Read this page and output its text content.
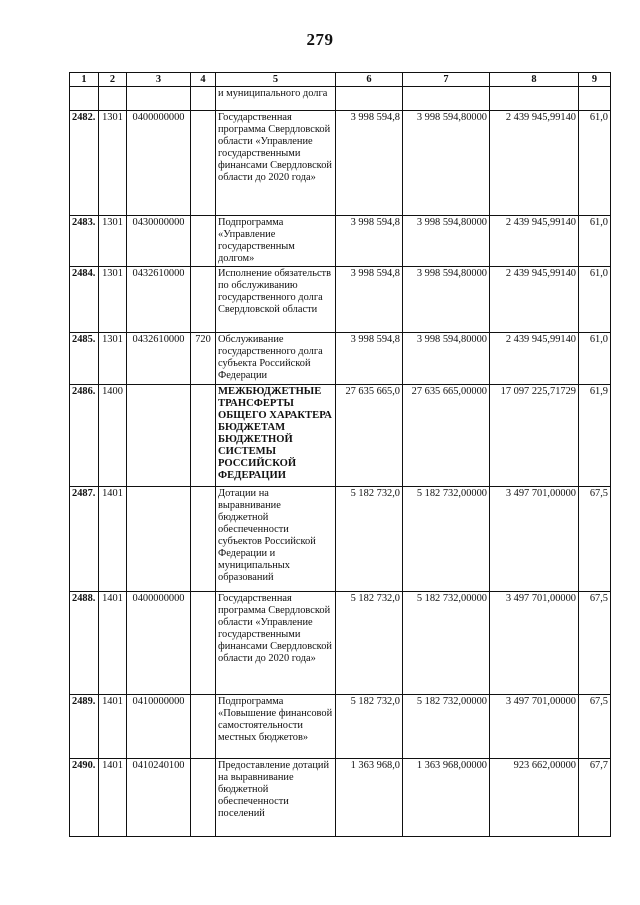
279
1	2	3	4	5	6	7	8	9
				и муниципального долга				
2482.	1301	0400000000		Государственная программа Свердловской области «Управление государственными финансами Свердловской области до 2020 года»	3 998 594,8	3 998 594,80000	2 439 945,99140	61,0
2483.	1301	0430000000		Подпрограмма «Управление государственным долгом»	3 998 594,8	3 998 594,80000	2 439 945,99140	61,0
2484.	1301	0432610000		Исполнение обязательств по обслуживанию государственного долга Свердловской области	3 998 594,8	3 998 594,80000	2 439 945,99140	61,0
2485.	1301	0432610000	720	Обслуживание государственного долга субъекта Российской Федерации	3 998 594,8	3 998 594,80000	2 439 945,99140	61,0
2486.	1400			МЕЖБЮДЖЕТНЫЕ ТРАНСФЕРТЫ ОБЩЕГО ХАРАКТЕРА БЮДЖЕТАМ БЮДЖЕТНОЙ СИСТЕМЫ РОССИЙСКОЙ ФЕДЕРАЦИИ	27 635 665,0	27 635 665,00000	17 097 225,71729	61,9
2487.	1401			Дотации на выравнивание бюджетной обеспеченности субъектов Российской Федерации и муниципальных образований	5 182 732,0	5 182 732,00000	3 497 701,00000	67,5
2488.	1401	0400000000		Государственная программа Свердловской области «Управление государственными финансами Свердловской области до 2020 года»	5 182 732,0	5 182 732,00000	3 497 701,00000	67,5
2489.	1401	0410000000		Подпрограмма «Повышение финансовой самостоятельности местных бюджетов»	5 182 732,0	5 182 732,00000	3 497 701,00000	67,5
2490.	1401	0410240100		Предоставление дотаций на выравнивание бюджетной обеспеченности поселений	1 363 968,0	1 363 968,00000	923 662,00000	67,7
